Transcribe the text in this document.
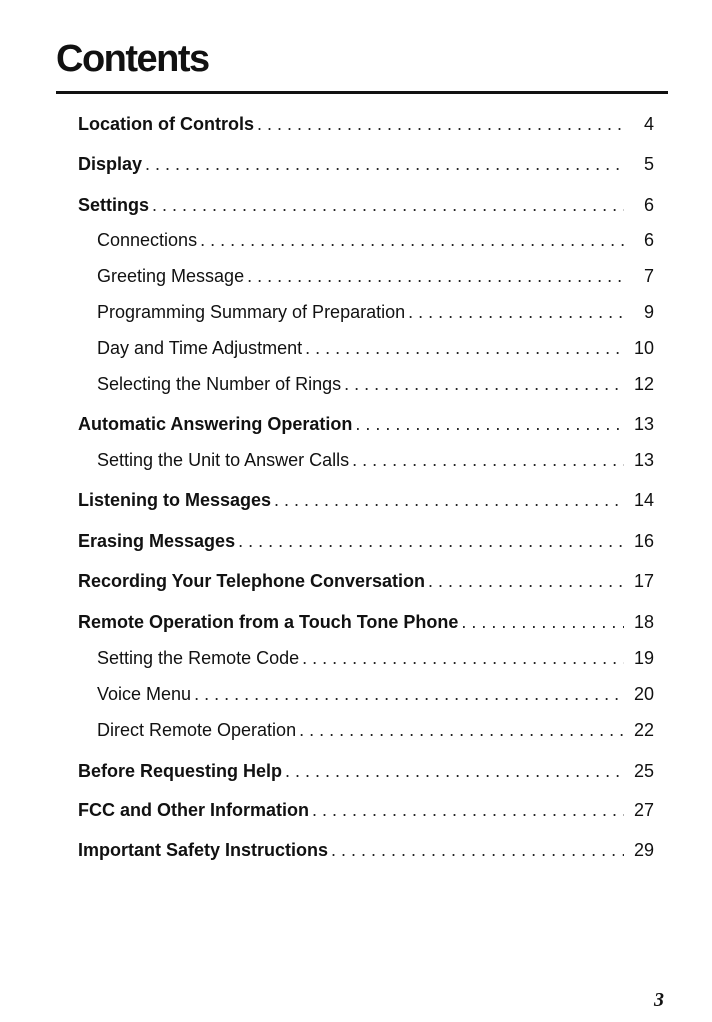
Contents
Location of Controls . . .	4
Display . . .	5
Settings . . .	6
Connections . . .	6
Greeting Message . . .	7
Programming Summary of Preparation . . .	9
Day and Time Adjustment . . .	10
Selecting the Number of Rings . . .	12
Automatic Answering Operation . . .	13
Setting the Unit to Answer Calls . . .	13
Listening to Messages . . .	14
Erasing Messages . . .	16
Recording Your Telephone Conversation . . .	17
Remote Operation from a Touch Tone Phone . . .	18
Setting the Remote Code . . .	19
Voice Menu . . .	20
Direct Remote Operation . . .	22
Before Requesting Help . . .	25
FCC and Other Information . . .	27
Important Safety Instructions . . .	29
3
